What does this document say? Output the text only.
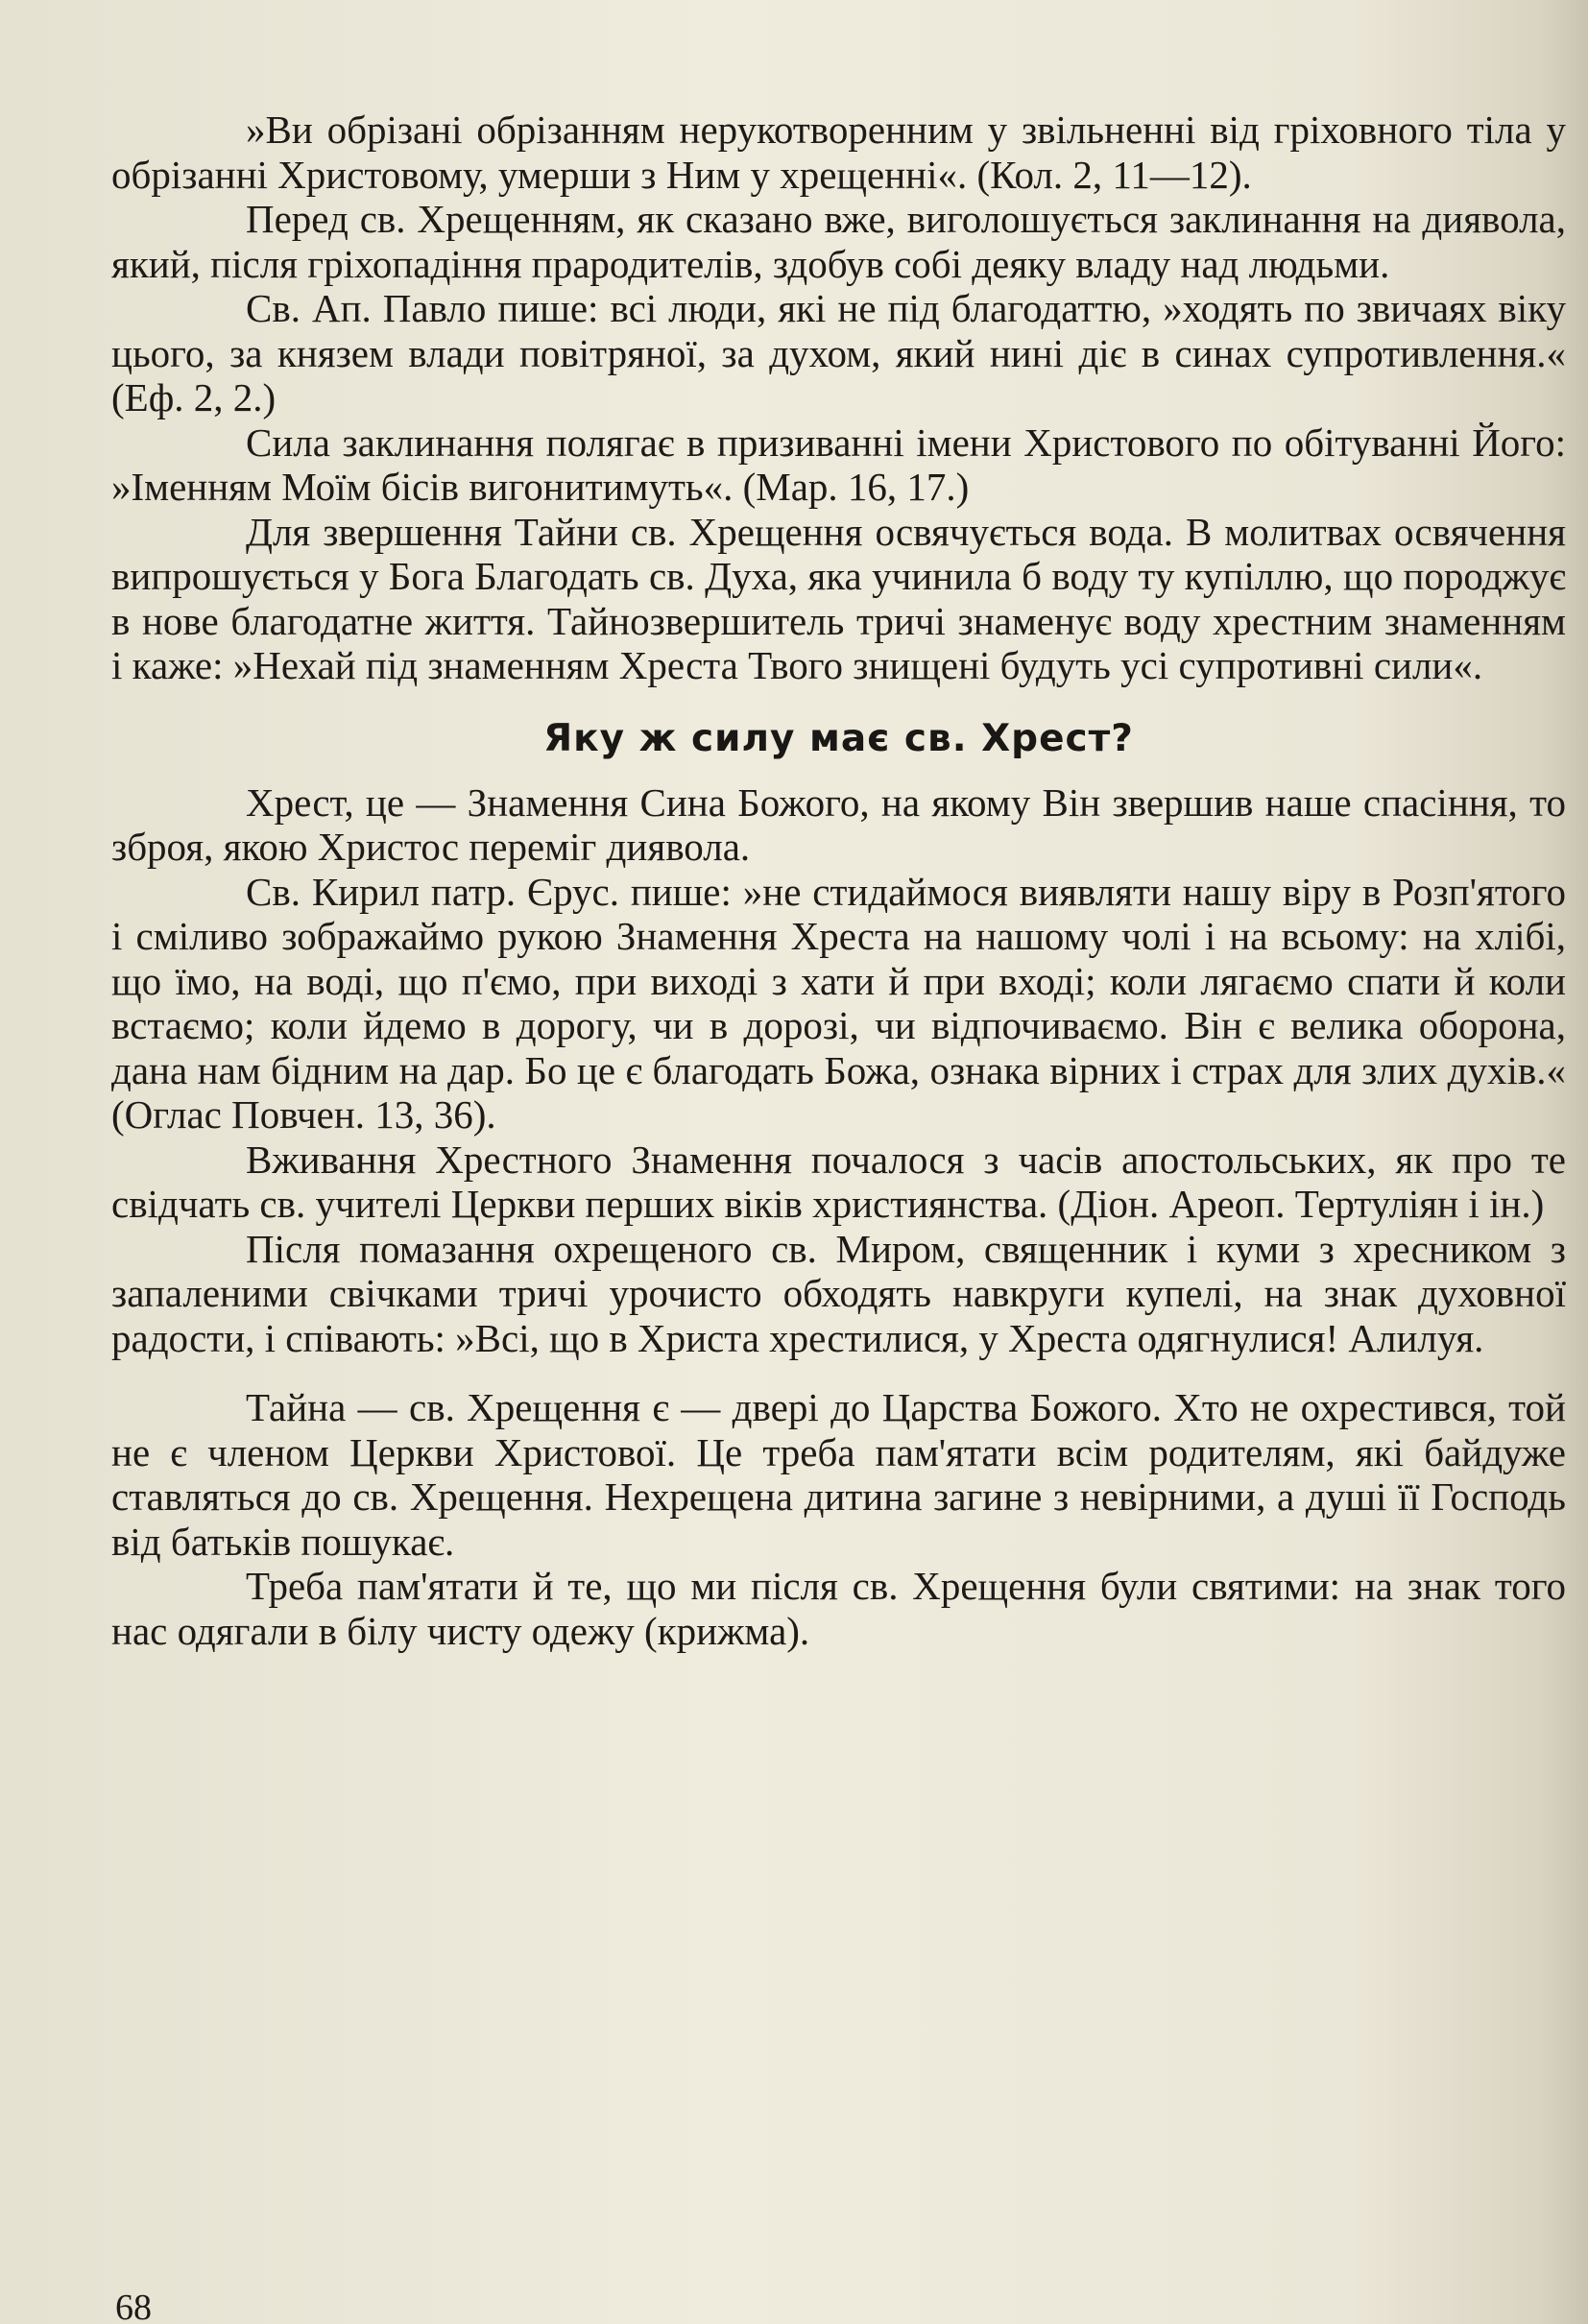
»Ви обрізані обрізанням нерукотворенним у звільненні від гріховного тіла у обрізанні Христовому, умерши з Ним у хрещенні«. (Кол. 2, 11—12).

Перед св. Хрещенням, як сказано вже, виголошується заклинання на диявола, який, після гріхопадіння прародителів, здобув собі деяку владу над людьми.

Св. Ап. Павло пише: всі люди, які не під благодаттю, »ходять по звичаях віку цього, за князем влади повітряної, за духом, який нині діє в синах супротивлення.« (Еф. 2, 2.)

Сила заклинання полягає в призиванні імени Христового по обітуванні Його: »Іменням Моїм бісів вигонитимуть«. (Мар. 16, 17.)

Для звершення Тайни св. Хрещення освячується вода. В молитвах освячення випрошується у Бога Благодать св. Духа, яка учинила б воду ту купіллю, що породжує в нове благодатне життя. Тайнозвершитель тричі знаменує воду хрестним знаменням і каже: »Нехай під знаменням Хреста Твого знищені будуть усі супротивні сили«.

Яку ж силу має св. Хрест?

Хрест, це — Знамення Сина Божого, на якому Він звершив наше спасіння, то зброя, якою Христос переміг диявола.

Св. Кирил патр. Єрус. пише: »не стидаймося виявляти нашу віру в Розп'ятого і сміливо зображаймо рукою Знамення Хреста на нашому чолі і на всьому: на хлібі, що їмо, на воді, що п'ємо, при виході з хати й при вході; коли лягаємо спати й коли встаємо; коли йдемо в дорогу, чи в дорозі, чи відпочиваємо. Він є велика оборона, дана нам бідним на дар. Бо це є благодать Божа, ознака вірних і страх для злих духів.« (Оглас Повчен. 13, 36).

Вживання Хрестного Знамення почалося з часів апостольських, як про те свідчать св. учителі Церкви перших віків християнства. (Діон. Ареоп. Тертуліян і ін.)

Після помазання охрещеного св. Миром, священник і куми з хресником з запаленими свічками тричі урочисто обходять навкруги купелі, на знак духовної радости, і співають: »Всі, що в Христа хрестилися, у Хреста одягнулися! Алилуя.

Тайна — св. Хрещення є — двері до Царства Божого. Хто не охрестився, той не є членом Церкви Христової. Це треба пам'ятати всім родителям, які байдуже ставляться до св. Хрещення. Нехрещена дитина загине з невірними, а душі її Господь від батьків пошукає.

Треба пам'ятати й те, що ми після св. Хрещення були святими: на знак того нас одягали в білу чисту одежу (крижма).

68
